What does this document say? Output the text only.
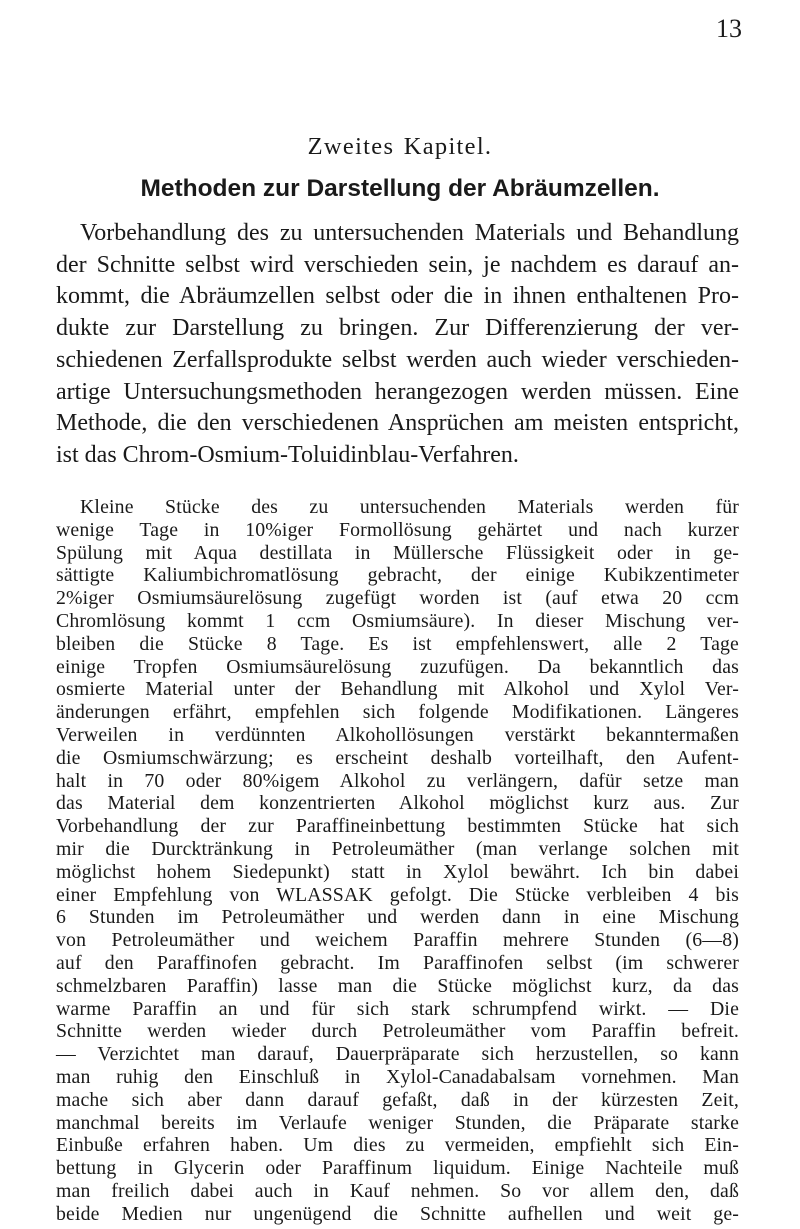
13
Zweites Kapitel.
Methoden zur Darstellung der Abräumzellen.
Vorbehandlung des zu untersuchenden Materials und Behandlung
der Schnitte selbst wird verschieden sein, je nachdem es darauf an-
kommt, die Abräumzellen selbst oder die in ihnen enthaltenen Pro-
dukte zur Darstellung zu bringen. Zur Differenzierung der ver-
schiedenen Zerfallsprodukte selbst werden auch wieder verschieden-
artige Untersuchungsmethoden herangezogen werden müssen. Eine
Methode, die den verschiedenen Ansprüchen am meisten entspricht,
ist das Chrom-Osmium-Toluidinblau-Verfahren.
Kleine Stücke des zu untersuchenden Materials werden für
wenige Tage in 10%iger Formollösung gehärtet und nach kurzer
Spülung mit Aqua destillata in Müllersche Flüssigkeit oder in ge-
sättigte Kaliumbichromatlösung gebracht, der einige Kubikzentimeter
2%iger Osmiumsäurelösung zugefügt worden ist (auf etwa 20 ccm
Chromlösung kommt 1 ccm Osmiumsäure). In dieser Mischung ver-
bleiben die Stücke 8 Tage. Es ist empfehlenswert, alle 2 Tage
einige Tropfen Osmiumsäurelösung zuzufügen. Da bekanntlich das
osmierte Material unter der Behandlung mit Alkohol und Xylol Ver-
änderungen erfährt, empfehlen sich folgende Modifikationen. Längeres
Verweilen in verdünnten Alkohollösungen verstärkt bekanntermaßen
die Osmiumschwärzung; es erscheint deshalb vorteilhaft, den Aufent-
halt in 70 oder 80%igem Alkohol zu verlängern, dafür setze man
das Material dem konzentrierten Alkohol möglichst kurz aus. Zur
Vorbehandlung der zur Paraffineinbettung bestimmten Stücke hat sich
mir die Durcktränkung in Petroleumäther (man verlange solchen mit
möglichst hohem Siedepunkt) statt in Xylol bewährt. Ich bin dabei
einer Empfehlung von WLASSAK gefolgt. Die Stücke verbleiben 4 bis
6 Stunden im Petroleumäther und werden dann in eine Mischung
von Petroleumäther und weichem Paraffin mehrere Stunden (6—8)
auf den Paraffinofen gebracht. Im Paraffinofen selbst (im schwerer
schmelzbaren Paraffin) lasse man die Stücke möglichst kurz, da das
warme Paraffin an und für sich stark schrumpfend wirkt. — Die
Schnitte werden wieder durch Petroleumäther vom Paraffin befreit.
— Verzichtet man darauf, Dauerpräparate sich herzustellen, so kann
man ruhig den Einschluß in Xylol-Canadabalsam vornehmen. Man
mache sich aber dann darauf gefaßt, daß in der kürzesten Zeit,
manchmal bereits im Verlaufe weniger Stunden, die Präparate starke
Einbuße erfahren haben. Um dies zu vermeiden, empfiehlt sich Ein-
bettung in Glycerin oder Paraffinum liquidum. Einige Nachteile muß
man freilich dabei auch in Kauf nehmen. So vor allem den, daß
beide Medien nur ungenügend die Schnitte aufhellen und weit ge-
